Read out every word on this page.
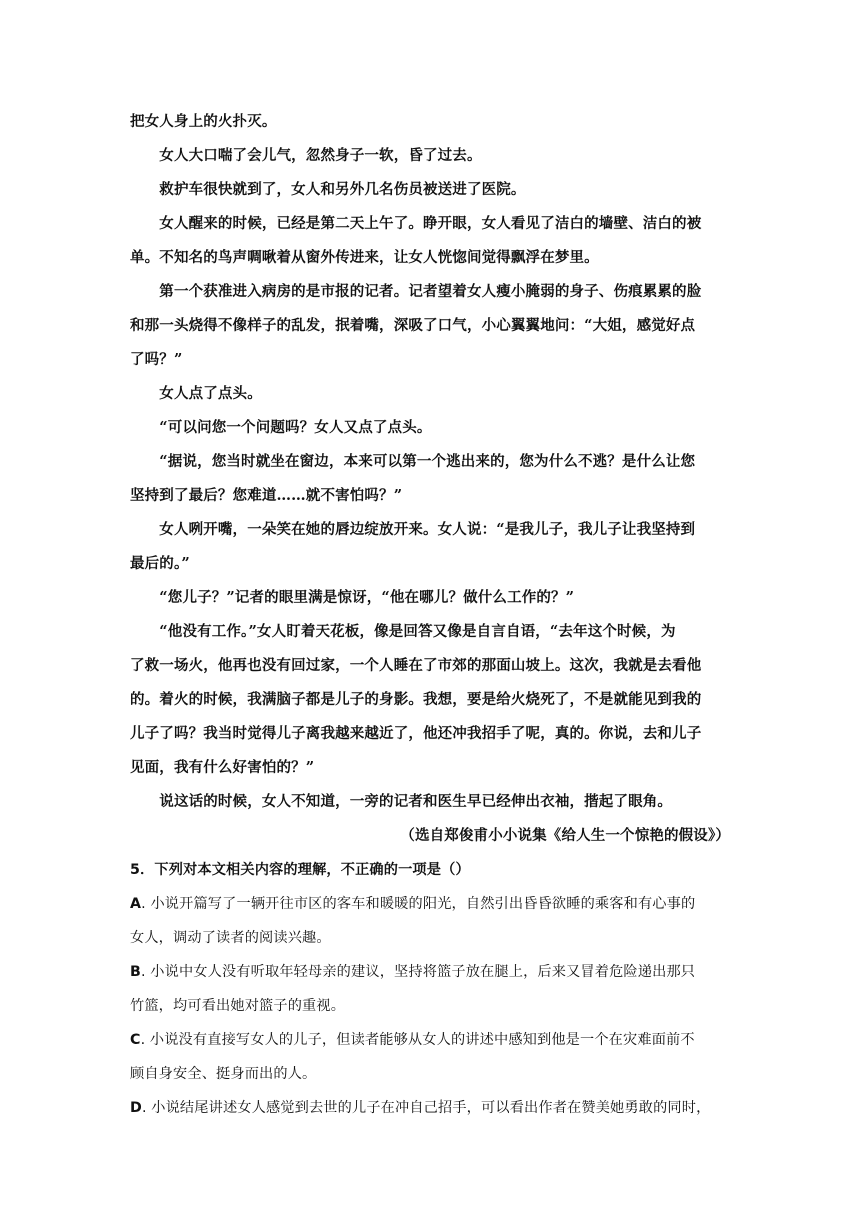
把女人身上的火扑灭。
　　女人大口喘了会儿气，忽然身子一软，昏了过去。
　　救护车很快就到了，女人和另外几名伤员被送进了医院。
　　女人醒来的时候，已经是第二天上午了。睁开眼，女人看见了洁白的墙壁、洁白的被
单。不知名的鸟声啁啾着从窗外传进来，让女人恍惚间觉得飘浮在梦里。
　　第一个获准进入病房的是市报的记者。记者望着女人瘦小腌弱的身子、伤痕累累的脸
和那一头烧得不像样子的乱发，抿着嘴，深吸了口气，小心翼翼地问：“大姐，感觉好点
了吗？”
　　女人点了点头。
　　“可以问您一个问题吗？女人又点了点头。
　　“据说，您当时就坐在窗边，本来可以第一个逃出来的，您为什么不逃？是什么让您
坚持到了最后？您难道……就不害怕吗？”
　　女人咧开嘴，一朵笑在她的唇边绽放开来。女人说：“是我儿子，我儿子让我坚持到
最后的。”
　　“您儿子？”记者的眼里满是惊讶，“他在哪儿？做什么工作的？”
　　“他没有工作。”女人盯着天花板，像是回答又像是自言自语，“去年这个时候，为
了救一场火，他再也没有回过家，一个人睡在了市郊的那面山坡上。这次，我就是去看他
的。着火的时候，我满脑子都是儿子的身影。我想，要是给火烧死了，不是就能见到我的
儿子了吗？我当时觉得儿子离我越来越近了，他还冲我招手了呢，真的。你说，去和儿子
见面，我有什么好害怕的？”
　　说这话的时候，女人不知道，一旁的记者和医生早已经伸出衣袖，揩起了眼角。
（选自郑俊甫小小说集《给人生一个惊艳的假设》）
5．下列对本文相关内容的理解，不正确的一项是（）
A. 小说开篇写了一辆开往市区的客车和暖暖的阳光，自然引出昏昏欲睡的乘客和有心事的
女人，调动了读者的阅读兴趣。
B. 小说中女人没有听取年轻母亲的建议，坚持将篮子放在腿上，后来又冒着危险递出那只
竹篮，均可看出她对篮子的重视。
C. 小说没有直接写女人的儿子，但读者能够从女人的讲述中感知到他是一个在灾难面前不
顾自身安全、挺身而出的人。
D. 小说结尾讲述女人感觉到去世的儿子在冲自己招手，可以看出作者在赞美她勇敢的同时，
